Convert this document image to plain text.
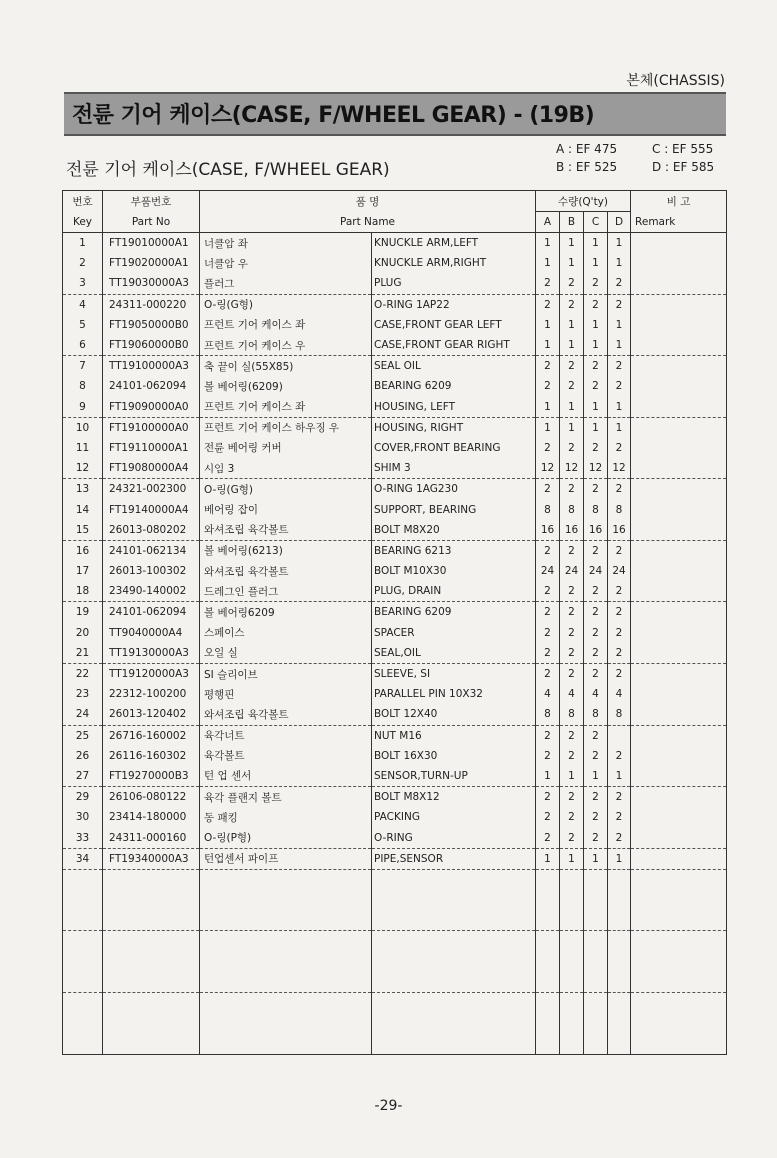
본체(CHASSIS)
전륜 기어 케이스(CASE, F/WHEEL GEAR) - (19B)
전륜 기어 케이스(CASE, F/WHEEL GEAR)
A : EF 475	C : EF 555
B : EF 525	D : EF 585
번호	부품번호	품 명		수량(Q'ty)				비 고
Key	Part No	Part Name		A	B	C	D	Remark
1	FT19010000A1	너클암 좌	KNUCKLE ARM,LEFT	1	1	1	1	
2	FT19020000A1	너클암 우	KNUCKLE ARM,RIGHT	1	1	1	1	
3	TT19030000A3	플러그	PLUG	2	2	2	2	
4	24311-000220	O-링(G형)	O-RING 1AP22	2	2	2	2	
5	FT19050000B0	프런트 기어 케이스 좌	CASE,FRONT GEAR LEFT	1	1	1	1	
6	FT19060000B0	프런트 기어 케이스 우	CASE,FRONT GEAR RIGHT	1	1	1	1	
7	TT19100000A3	축 끝이 실(55X85)	SEAL OIL	2	2	2	2	
8	24101-062094	볼 베어링(6209)	BEARING 6209	2	2	2	2	
9	FT19090000A0	프런트 기어 케이스 좌	HOUSING, LEFT	1	1	1	1	
10	FT19100000A0	프런트 기어 케이스 하우징 우	HOUSING, RIGHT	1	1	1	1	
11	FT19110000A1	전륜 베어링 커버	COVER,FRONT BEARING	2	2	2	2	
12	FT19080000A4	시임 3	SHIM 3	12	12	12	12	
13	24321-002300	O-링(G형)	O-RING 1AG230	2	2	2	2	
14	FT19140000A4	베어링 잡이	SUPPORT, BEARING	8	8	8	8	
15	26013-080202	와셔조립 육각볼트	BOLT M8X20	16	16	16	16	
16	24101-062134	볼 베어링(6213)	BEARING 6213	2	2	2	2	
17	26013-100302	와셔조립 육각볼트	BOLT M10X30	24	24	24	24	
18	23490-140002	드레그인 플러그	PLUG, DRAIN	2	2	2	2	
19	24101-062094	볼 베어링6209	BEARING 6209	2	2	2	2	
20	TT9040000A4	스페이스	SPACER	2	2	2	2	
21	TT19130000A3	오일 실	SEAL,OIL	2	2	2	2	
22	TT19120000A3	SI 슬리이브	SLEEVE, SI	2	2	2	2	
23	22312-100200	평행핀	PARALLEL PIN 10X32	4	4	4	4	
24	26013-120402	와셔조립 육각볼트	BOLT 12X40	8	8	8	8	
25	26716-160002	육각너트	NUT M16	2	2	2		
26	26116-160302	육각볼트	BOLT 16X30	2	2	2	2	
27	FT19270000B3	턴 업 센서	SENSOR,TURN-UP	1	1	1	1	
29	26106-080122	육각 플랜지 볼트	BOLT M8X12	2	2	2	2	
30	23414-180000	동 패킹	PACKING	2	2	2	2	
33	24311-000160	O-링(P형)	O-RING	2	2	2	2	
34	FT19340000A3	턴업센서 파이프	PIPE,SENSOR	1	1	1	1	

-29-
